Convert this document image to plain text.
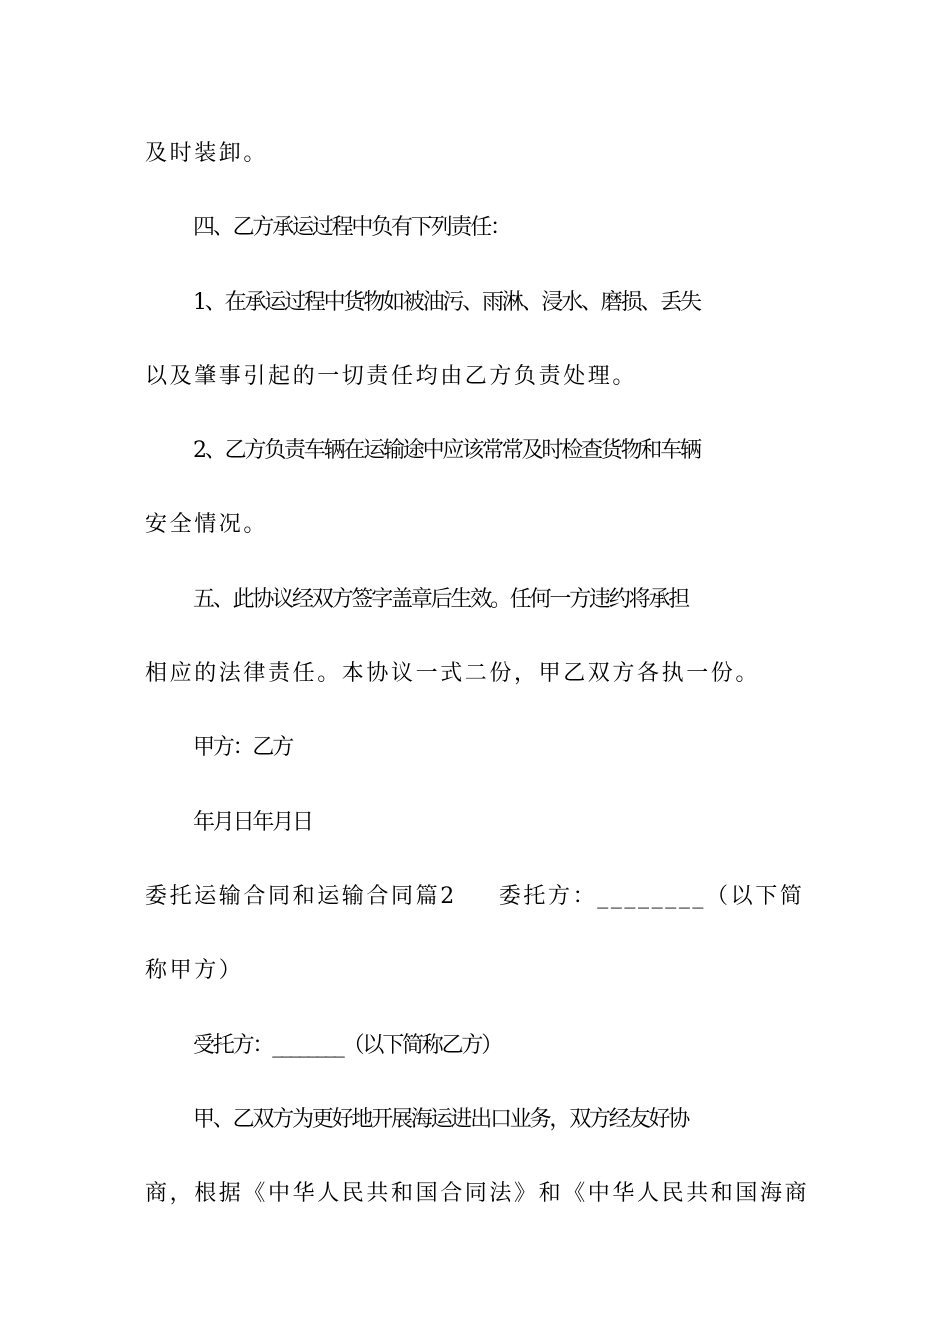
及时装卸。
四、乙方承运过程中负有下列责任：
1、在承运过程中货物如被油污、雨淋、浸水、磨损、丢失
以及肇事引起的一切责任均由乙方负责处理。
2、乙方负责车辆在运输途中应该常常及时检查货物和车辆
安全情况。
五、此协议经双方签字盖章后生效。任何一方违约将承担
相应的法律责任。本协议一式二份，甲乙双方各执一份。
甲方：乙方
年月日年月日
委托运输合同和运输合同篇2 委托方：________（以下简
称甲方）
受托方：________（以下简称乙方）
甲、乙双方为更好地开展海运进出口业务，双方经友好协
商，根据《中华人民共和国合同法》和《中华人民共和国海商
